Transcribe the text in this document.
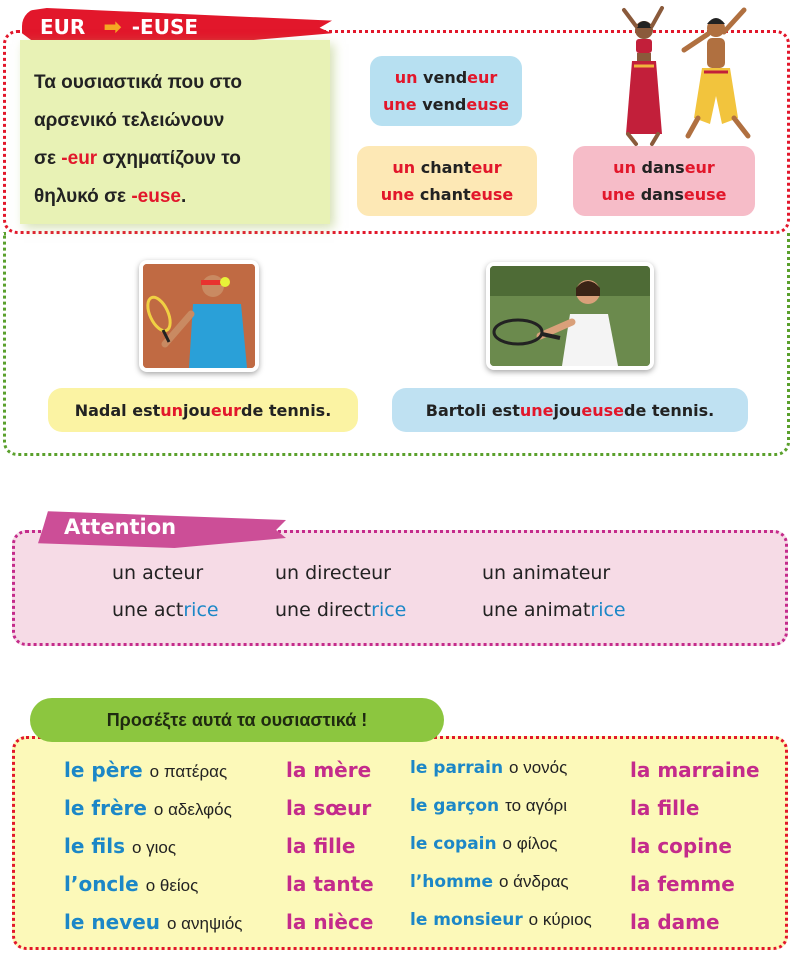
EUR ➡ -EUSE
Τα ουσιαστικά που στο
αρσενικό τελειώνουν
σε -eur σχηματίζουν το
θηλυκό σε -euse.
un vendeur
une vendeuse
un chanteur
une chanteuse
un danseur
une danseuse
Nadal est un jou eur de tennis.	Bartoli est une jou euse de tennis.
Attention
un acteur
une actrice
un directeur
une directrice
un animateur
une animatrice
Προσέξτε αυτά τα ουσιαστικά !
le père ο πατέρας	la mère le parrain ο νονός	la marraine
le frère ο αδελφός	la sœur le garçon το αγόρι	la fille
le fils ο γιος	la fille	le copain ο φίλος	la copine
l’oncle ο θείος	la tante l’homme ο άνδρας	la femme
le neveu ο ανηψιός la nièce le monsieur ο κύριος la dame
